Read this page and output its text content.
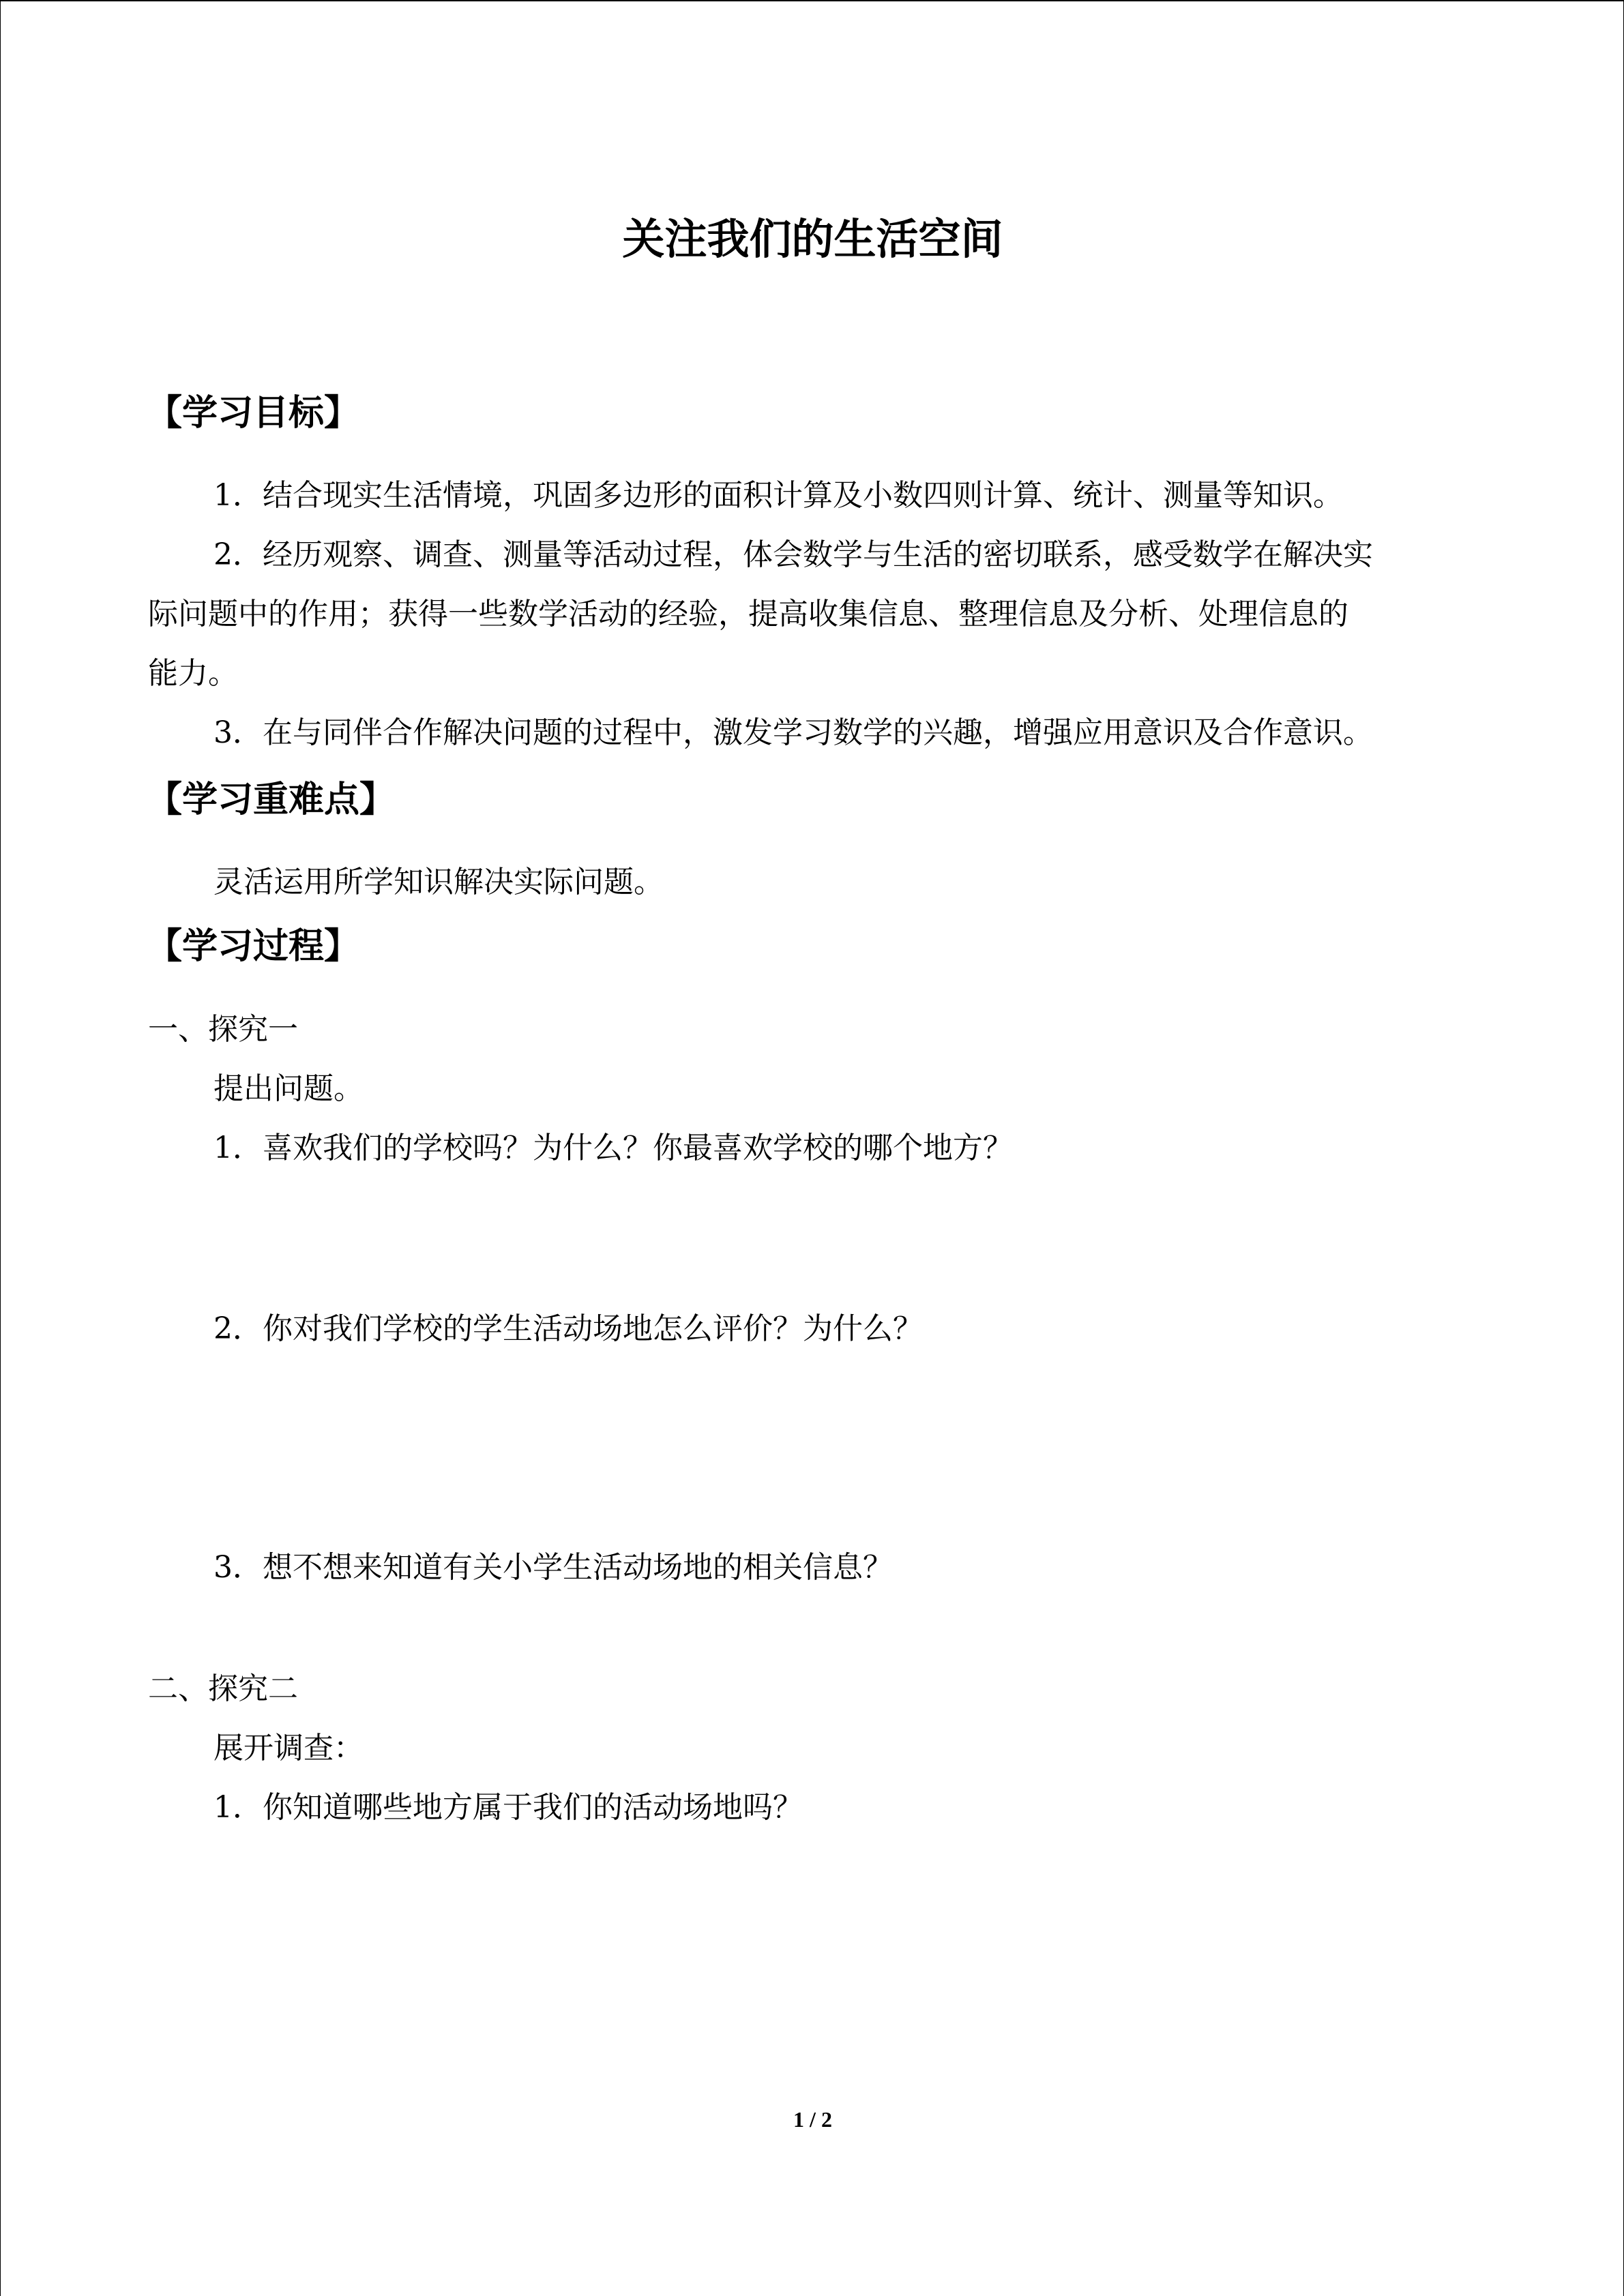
关注我们的生活空间
【学习目标】

1．结合现实生活情境，巩固多边形的面积计算及小数四则计算、统计、测量等知识。

2．经历观察、调查、测量等活动过程，体会数学与生活的密切联系，感受数学在解决实

际问题中的作用；获得一些数学活动的经验，提高收集信息、整理信息及分析、处理信息的

能力。

3．在与同伴合作解决问题的过程中，激发学习数学的兴趣，增强应用意识及合作意识。

【学习重难点】

灵活运用所学知识解决实际问题。

【学习过程】

一、探究一

提出问题。

1．喜欢我们的学校吗？为什么？你最喜欢学校的哪个地方？

2．你对我们学校的学生活动场地怎么评价？为什么？

3．想不想来知道有关小学生活动场地的相关信息？

二、探究二

展开调查：

1．你知道哪些地方属于我们的活动场地吗？

1 / 2
